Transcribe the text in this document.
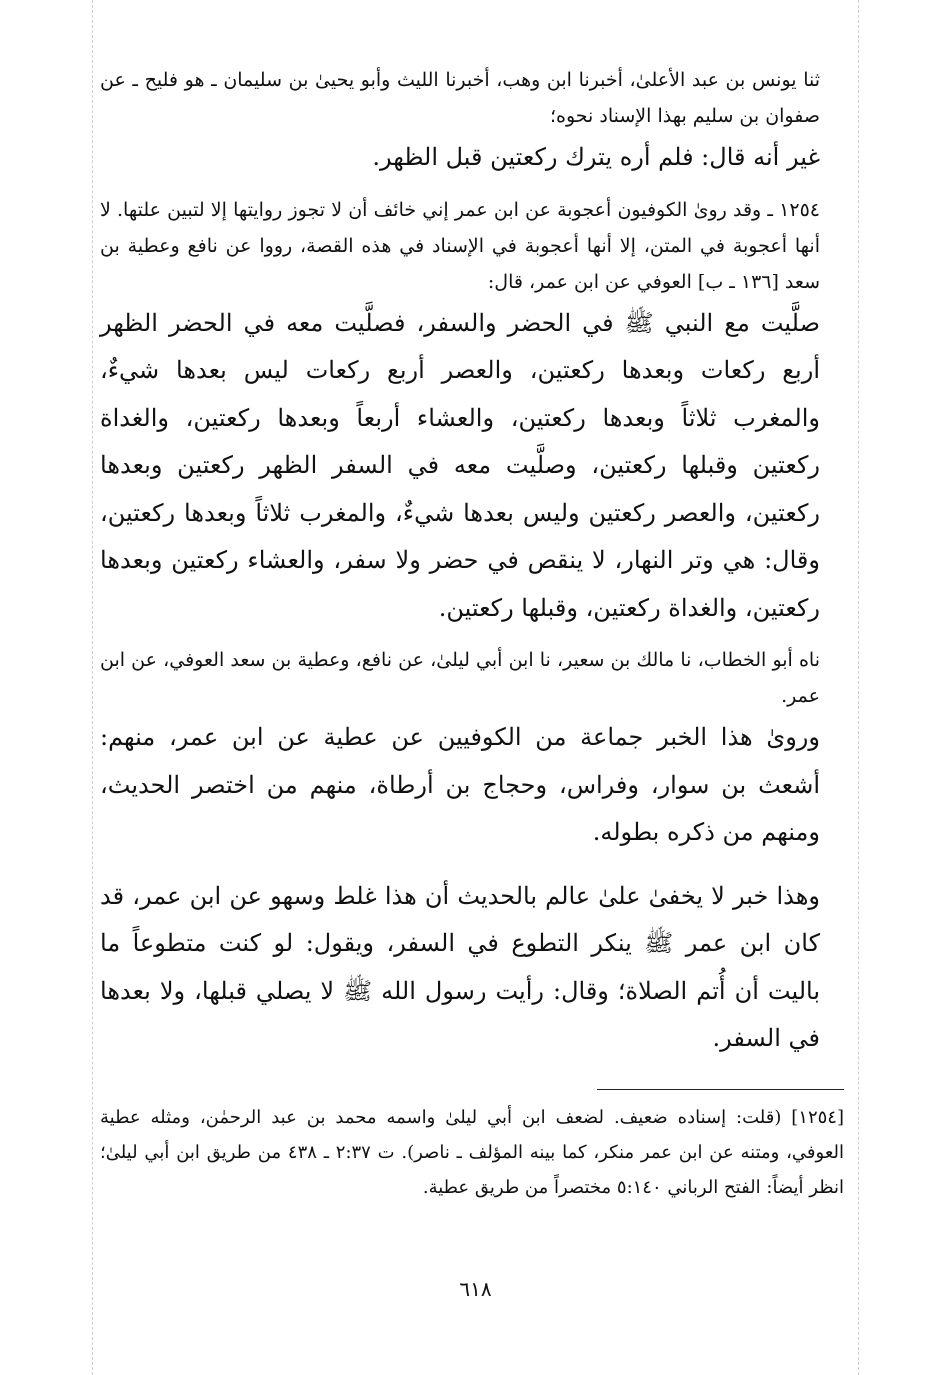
ثنا يونس بن عبد الأعلىٰ، أخبرنا ابن وهب، أخبرنا الليث وأبو يحيىٰ بن سليمان ـ هو فليح ـ عن صفوان بن سليم بهذا الإسناد نحوه؛

غير أنه قال: فلم أره يترك ركعتين قبل الظهر.

١٢٥٤ ـ وقد روىٰ الكوفيون أعجوبة عن ابن عمر إني خائف أن لا تجوز روايتها إلا لتبين علتها. لا أنها أعجوبة في المتن، إلا أنها أعجوبة في الإسناد في هذه القصة، رووا عن نافع وعطية بن سعد [١٣٦ ـ ب] العوفي عن ابن عمر، قال:

صلَّيت مع النبي ﷺ في الحضر والسفر، فصلَّيت معه في الحضر الظهر أربع ركعات وبعدها ركعتين، والعصر أربع ركعات ليس بعدها شيءٌ، والمغرب ثلاثاً وبعدها ركعتين، والعشاء أربعاً وبعدها ركعتين، والغداة ركعتين وقبلها ركعتين، وصلَّيت معه في السفر الظهر ركعتين وبعدها ركعتين، والعصر ركعتين وليس بعدها شيءٌ، والمغرب ثلاثاً وبعدها ركعتين، وقال: هي وتر النهار، لا ينقص في حضر ولا سفر، والعشاء ركعتين وبعدها ركعتين، والغداة ركعتين، وقبلها ركعتين.

ناه أبو الخطاب، نا مالك بن سعير، نا ابن أبي ليلىٰ، عن نافع، وعطية بن سعد العوفي، عن ابن عمر.

وروىٰ هذا الخبر جماعة من الكوفيين عن عطية عن ابن عمر، منهم: أشعث بن سوار، وفراس، وحجاج بن أرطاة، منهم من اختصر الحديث، ومنهم من ذكره بطوله.

وهذا خبر لا يخفىٰ علىٰ عالم بالحديث أن هذا غلط وسهو عن ابن عمر، قد كان ابن عمر ﷺ ينكر التطوع في السفر، ويقول: لو كنت متطوعاً ما باليت أن أُتم الصلاة؛ وقال: رأيت رسول الله ﷺ لا يصلي قبلها، ولا بعدها في السفر.

[١٢٥٤] (قلت: إسناده ضعيف. لضعف ابن أبي ليلىٰ واسمه محمد بن عبد الرحمٰن، ومثله عطية العوفي، ومتنه عن ابن عمر منكر، كما بينه المؤلف ـ ناصر). ت ٢:٣٧ ـ ٤٣٨ من طريق ابن أبي ليلىٰ؛ انظر أيضاً: الفتح الرباني ٥:١٤٠ مختصراً من طريق عطية.
٦١٨
